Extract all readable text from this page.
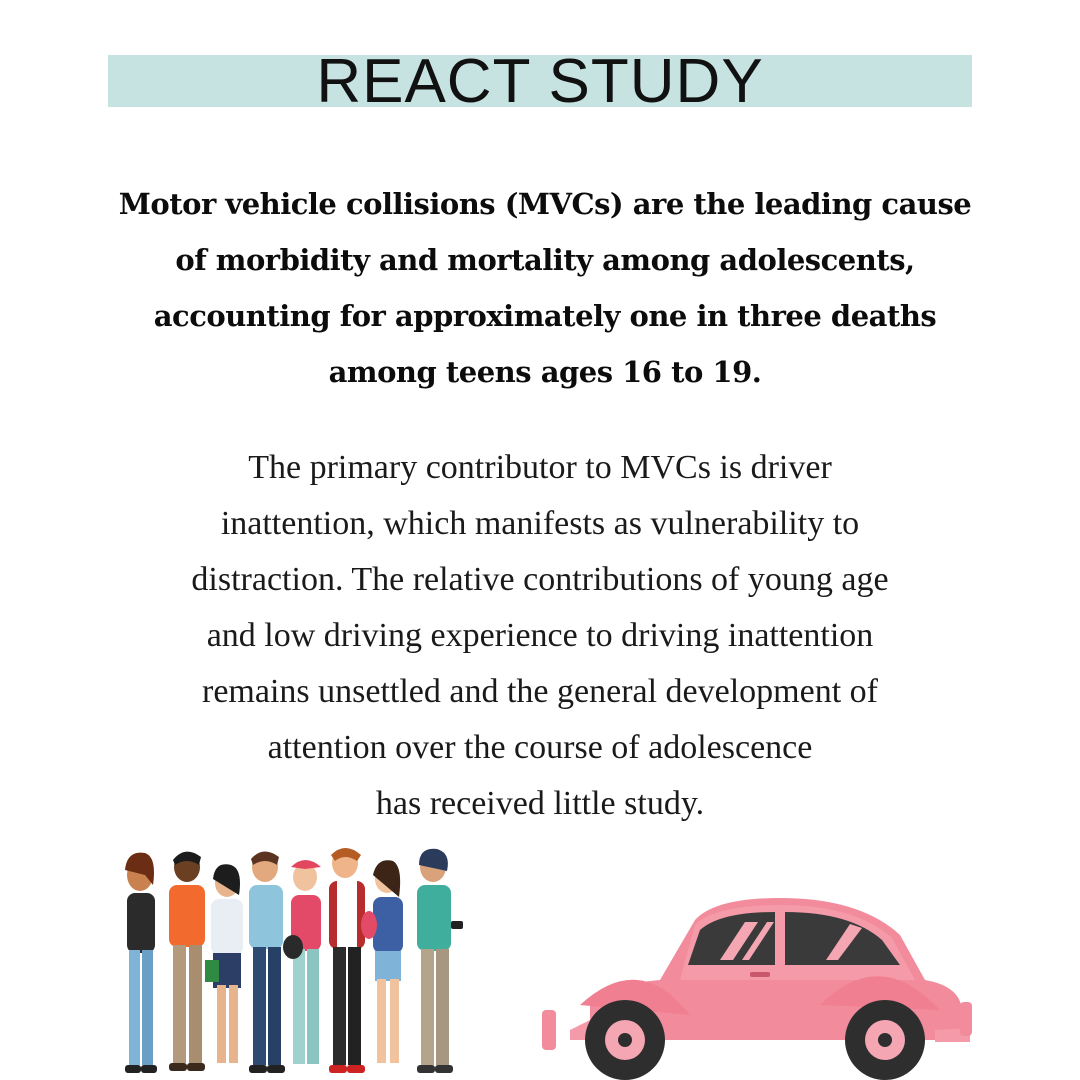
REACT STUDY
Motor vehicle collisions (MVCs) are the leading cause
of morbidity and mortality among adolescents,
accounting for approximately one in three deaths
among teens ages 16 to 19.
The primary contributor to MVCs is driver
inattention, which manifests as vulnerability to
distraction. The relative contributions of young age
and low driving experience to driving inattention
remains unsettled and the general development of
attention over the course of adolescence
has received little study.
